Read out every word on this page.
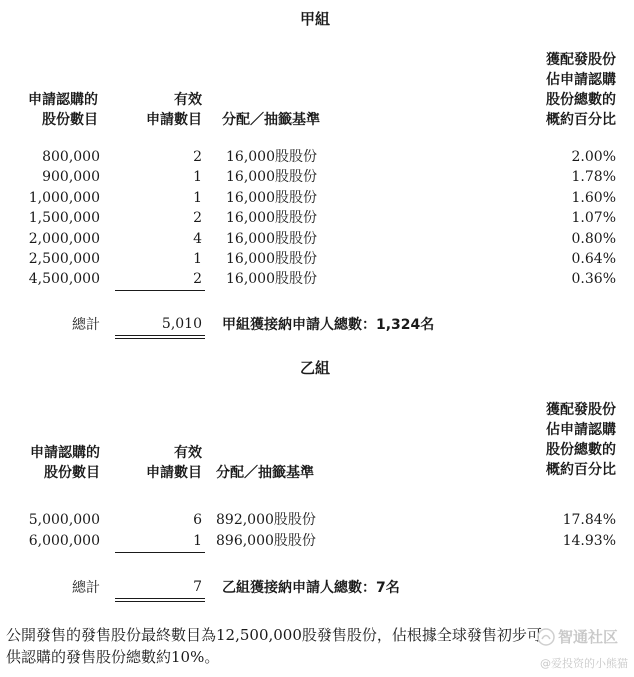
甲組
獲配發股份
佔申請認購
股份總數的
概約百分比
申請認購的
股份數目
有效
申請數目 分配／抽籤基準
800,000	2 16,000股股份	2.00%
900,000	1 16,000股股份	1.78%
1,000,000	1 16,000股股份	1.60%
1,500,000	2 16,000股股份	1.07%
2,000,000	4 16,000股股份	0.80%
2,500,000	1 16,000股股份	0.64%
4,500,000	2 16,000股股份	0.36%
總計	5,010 甲組獲接納申請人總數：1,324名
乙組
獲配發股份
佔申請認購
股份總數的
概約百分比
申請認購的
股份數目
有效
申請數目 分配／抽籤基準
5,000,000	6 892,000股股份	17.84%
6,000,000	1 896,000股股份	14.93%
總計	7 乙組獲接納申請人總數：7名
公開發售的發售股份最終數目為12,500,000股發售股份，佔根據全球發售初步可
供認購的發售股份總數約10%。
智通社区
@爱投资的小熊猫
